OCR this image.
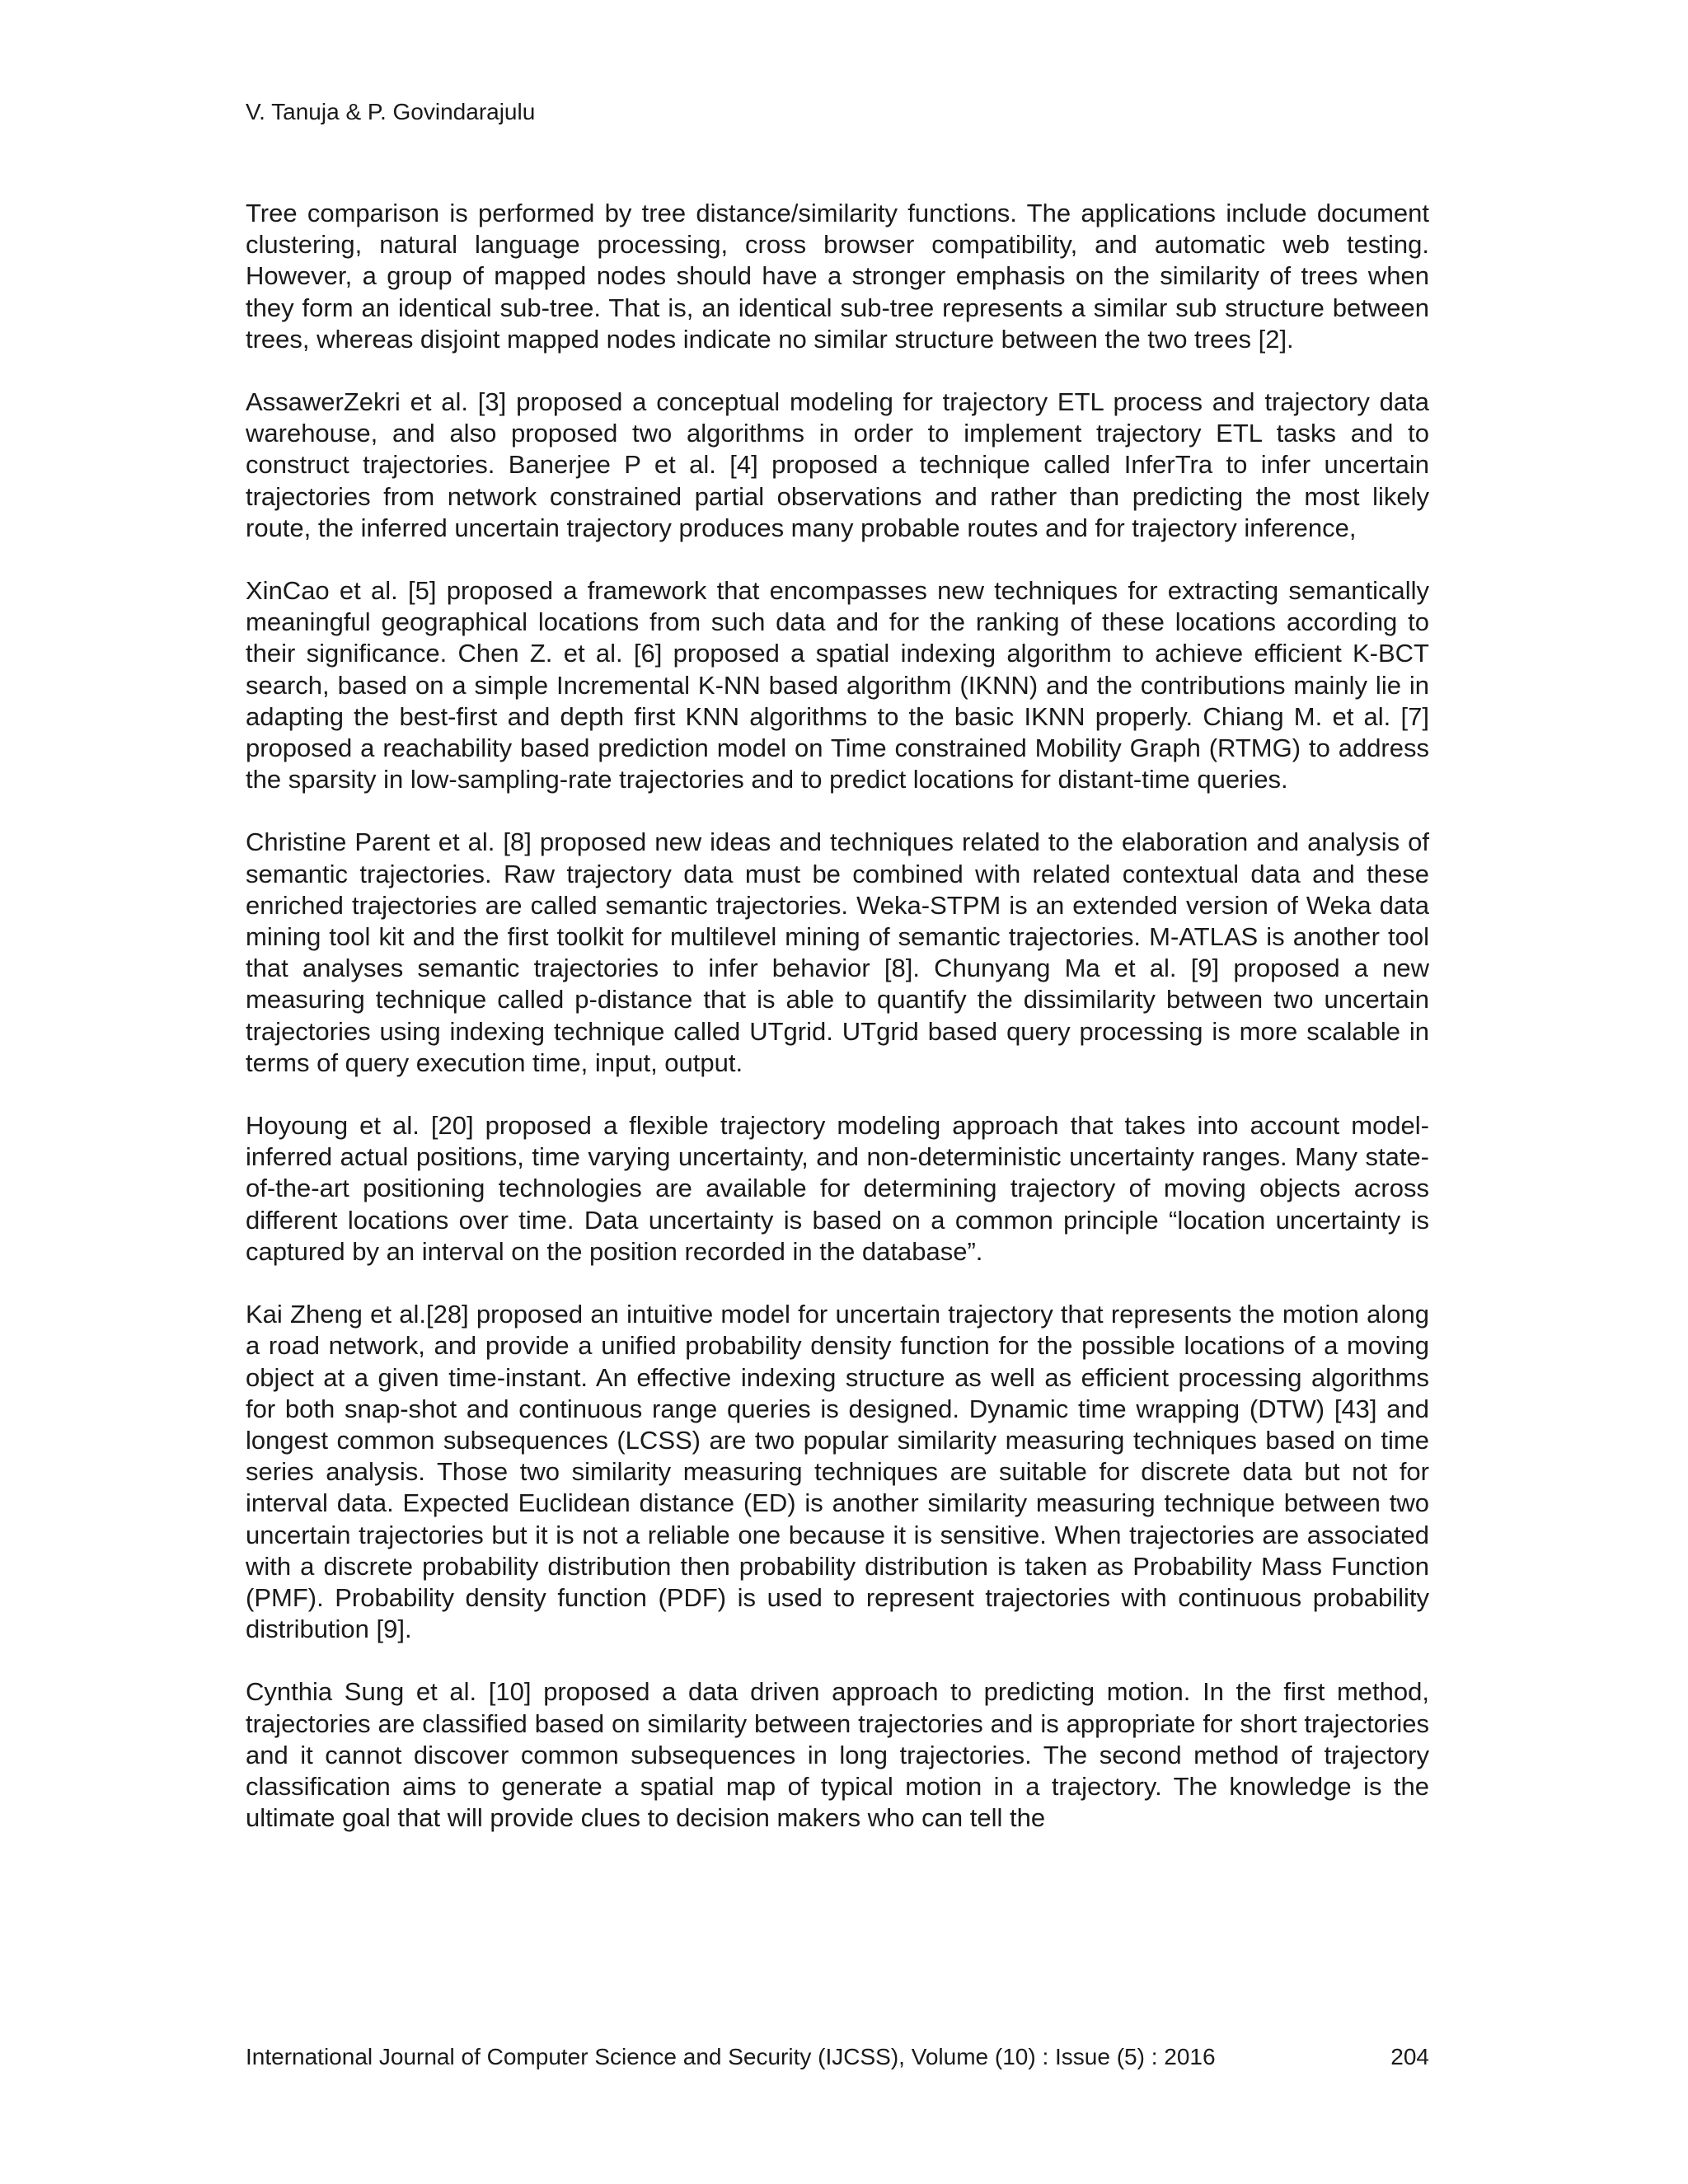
V. Tanuja & P. Govindarajulu

Tree comparison is performed by tree distance/similarity functions. The applications include document clustering, natural language processing, cross browser compatibility, and automatic web testing. However, a group of mapped nodes should have a stronger emphasis on the similarity of trees when they form an identical sub-tree. That is, an identical sub-tree represents a similar sub structure between trees, whereas disjoint mapped nodes indicate no similar structure between the two trees [2].

AssawerZekri et al. [3] proposed a conceptual modeling for trajectory ETL process and trajectory data warehouse, and also proposed two algorithms in order to implement trajectory ETL tasks and to construct trajectories. Banerjee P et al. [4] proposed a technique called InferTra to infer uncertain trajectories from network constrained partial observations and rather than predicting the most likely route, the inferred uncertain trajectory produces many probable routes and for trajectory inference,

XinCao et al. [5] proposed a framework that encompasses new techniques for extracting semantically meaningful geographical locations from such data and for the ranking of these locations according to their significance. Chen Z. et al. [6] proposed a spatial indexing algorithm to achieve efficient K-BCT search, based on a simple Incremental K-NN based algorithm (IKNN) and the contributions mainly lie in adapting the best-first and depth first KNN algorithms to the basic IKNN properly. Chiang M. et al. [7] proposed a reachability based prediction model on Time constrained Mobility Graph (RTMG) to address the sparsity in low-sampling-rate trajectories and to predict locations for distant-time queries.

Christine Parent et al. [8] proposed new ideas and techniques related to the elaboration and analysis of semantic trajectories. Raw trajectory data must be combined with related contextual data and these enriched trajectories are called semantic trajectories. Weka-STPM is an extended version of Weka data mining tool kit and the first toolkit for multilevel mining of semantic trajectories. M-ATLAS is another tool that analyses semantic trajectories to infer behavior [8]. Chunyang Ma et al. [9] proposed a new measuring technique called p-distance that is able to quantify the dissimilarity between two uncertain trajectories using indexing technique called UTgrid. UTgrid based query processing is more scalable in terms of query execution time, input, output.

Hoyoung et al. [20] proposed a flexible trajectory modeling approach that takes into account model-inferred actual positions, time varying uncertainty, and non-deterministic uncertainty ranges. Many state-of-the-art positioning technologies are available for determining trajectory of moving objects across different locations over time. Data uncertainty is based on a common principle “location uncertainty is captured by an interval on the position recorded in the database”.

Kai Zheng et al.[28] proposed an intuitive model for uncertain trajectory that represents the motion along a road network, and provide a unified probability density function for the possible locations of a moving object at a given time-instant. An effective indexing structure as well as efficient processing algorithms for both snap-shot and continuous range queries is designed. Dynamic time wrapping (DTW) [43] and longest common subsequences (LCSS) are two popular similarity measuring techniques based on time series analysis. Those two similarity measuring techniques are suitable for discrete data but not for interval data. Expected Euclidean distance (ED) is another similarity measuring technique between two uncertain trajectories but it is not a reliable one because it is sensitive. When trajectories are associated with a discrete probability distribution then probability distribution is taken as Probability Mass Function (PMF). Probability density function (PDF) is used to represent trajectories with continuous probability distribution [9].

Cynthia Sung et al. [10] proposed a data driven approach to predicting motion. In the first method, trajectories are classified based on similarity between trajectories and is appropriate for short trajectories and it cannot discover common subsequences in long trajectories. The second method of trajectory classification aims to generate a spatial map of typical motion in a trajectory. The knowledge is the ultimate goal that will provide clues to decision makers who can tell the

International Journal of Computer Science and Security (IJCSS), Volume (10) : Issue (5) : 2016	204
